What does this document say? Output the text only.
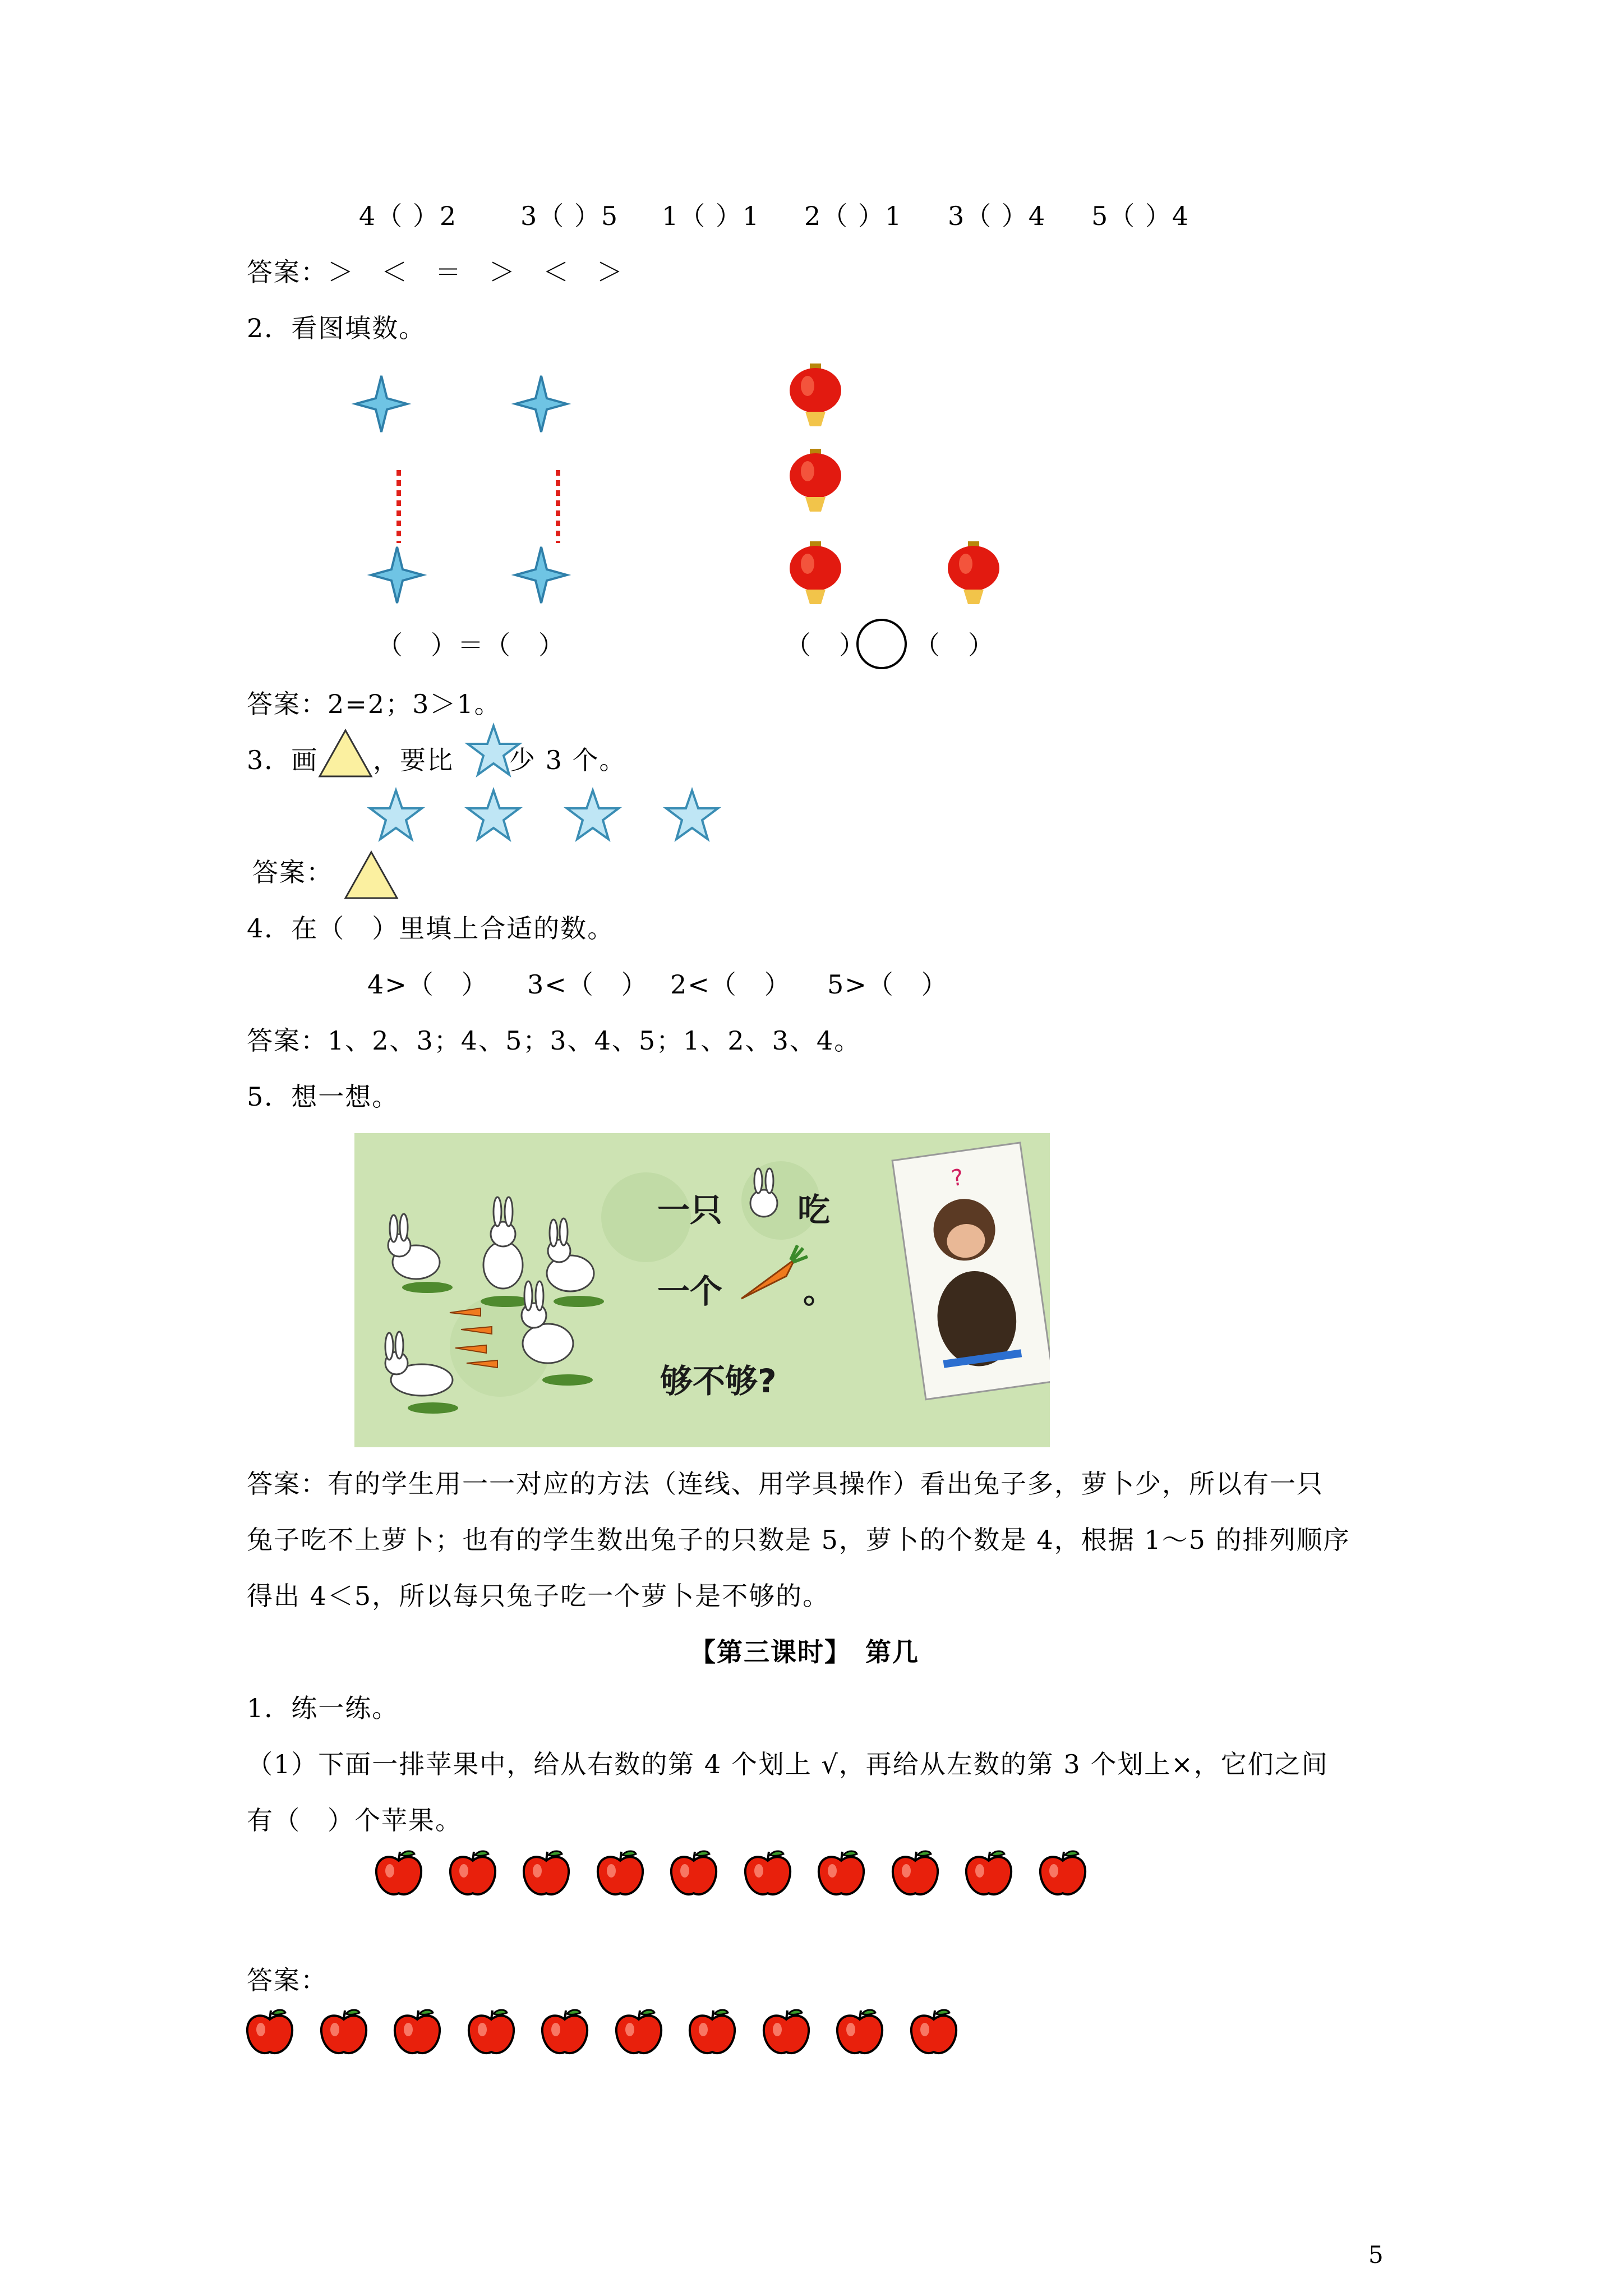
4（ ）2 3（ ）5 1（ ）1 2（ ）1 3（ ）4 5（ ）4
答案：＞　＜　＝　＞　＜　＞
2．看图填数。
（　）＝（　）	（　） （　）
答案：2=2；3＞1。
3．画 ，要比 少 3 个。
答案：
4．在（　）里填上合适的数。
4>（　） 3<（　） 2<（　） 5>（　）
答案：1、2、3；4、5；3、4、5；1、2、3、4。
5．想一想。
?
一只 吃
一个 。
够不够?
答案：有的学生用一一对应的方法（连线、用学具操作）看出兔子多，萝卜少，所以有一只
兔子吃不上萝卜；也有的学生数出兔子的只数是 5，萝卜的个数是 4，根据 1～5 的排列顺序
得出 4＜5，所以每只兔子吃一个萝卜是不够的。
【第三课时】　第几
1．练一练。
（1）下面一排苹果中，给从右数的第 4 个划上 √，再给从左数的第 3 个划上×，它们之间
有（　）个苹果。
答案：
5
